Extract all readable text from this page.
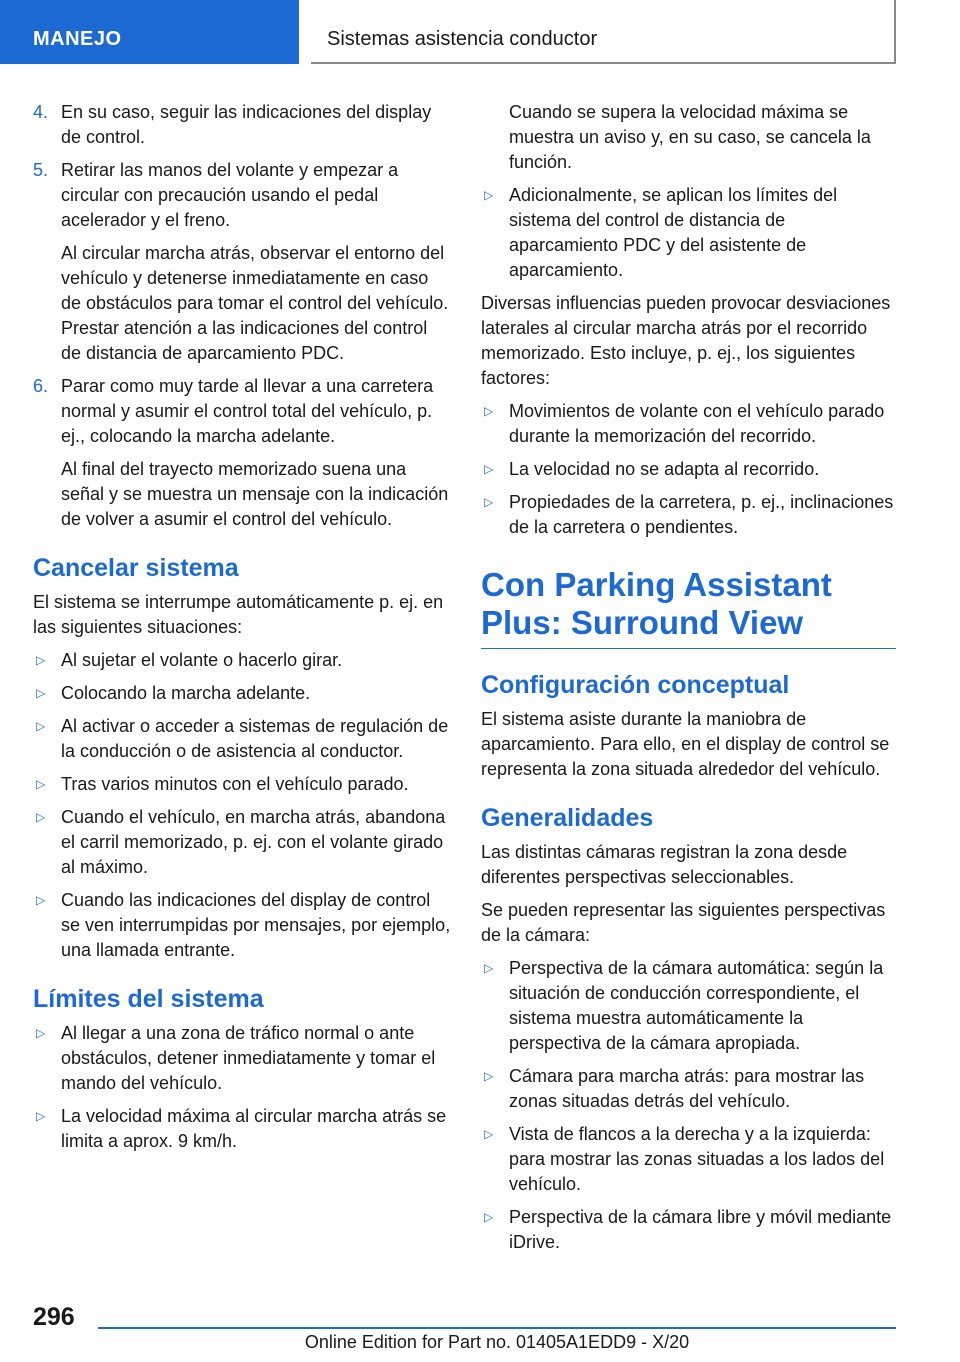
MANEJO	Sistemas asistencia conductor
4. En su caso, seguir las indicaciones del display de control.
5. Retirar las manos del volante y empezar a circular con precaución usando el pedal acelerador y el freno.
Al circular marcha atrás, observar el entorno del vehículo y detenerse inmediatamente en caso de obstáculos para tomar el control del vehículo. Prestar atención a las indicaciones del control de distancia de aparcamiento PDC.
6. Parar como muy tarde al llevar a una carretera normal y asumir el control total del vehículo, p. ej., colocando la marcha adelante.
Al final del trayecto memorizado suena una señal y se muestra un mensaje con la indicación de volver a asumir el control del vehículo.
Cancelar sistema
El sistema se interrumpe automáticamente p. ej. en las siguientes situaciones:
▷ Al sujetar el volante o hacerlo girar.
▷ Colocando la marcha adelante.
▷ Al activar o acceder a sistemas de regulación de la conducción o de asistencia al conductor.
▷ Tras varios minutos con el vehículo parado.
▷ Cuando el vehículo, en marcha atrás, abandona el carril memorizado, p. ej. con el volante girado al máximo.
▷ Cuando las indicaciones del display de control se ven interrumpidas por mensajes, por ejemplo, una llamada entrante.
Límites del sistema
▷ Al llegar a una zona de tráfico normal o ante obstáculos, detener inmediatamente y tomar el mando del vehículo.
▷ La velocidad máxima al circular marcha atrás se limita a aprox. 9 km/h.
Cuando se supera la velocidad máxima se muestra un aviso y, en su caso, se cancela la función.
▷ Adicionalmente, se aplican los límites del sistema del control de distancia de aparcamiento PDC y del asistente de aparcamiento.
Diversas influencias pueden provocar desviaciones laterales al circular marcha atrás por el recorrido memorizado. Esto incluye, p. ej., los siguientes factores:
▷ Movimientos de volante con el vehículo parado durante la memorización del recorrido.
▷ La velocidad no se adapta al recorrido.
▷ Propiedades de la carretera, p. ej., inclinaciones de la carretera o pendientes.
Con Parking Assistant Plus: Surround View
Configuración conceptual
El sistema asiste durante la maniobra de aparcamiento. Para ello, en el display de control se representa la zona situada alrededor del vehículo.
Generalidades
Las distintas cámaras registran la zona desde diferentes perspectivas seleccionables.
Se pueden representar las siguientes perspectivas de la cámara:
▷ Perspectiva de la cámara automática: según la situación de conducción correspondiente, el sistema muestra automáticamente la perspectiva de la cámara apropiada.
▷ Cámara para marcha atrás: para mostrar las zonas situadas detrás del vehículo.
▷ Vista de flancos a la derecha y a la izquierda: para mostrar las zonas situadas a los lados del vehículo.
▷ Perspectiva de la cámara libre y móvil mediante iDrive.
296
Online Edition for Part no. 01405A1EDD9 - X/20
